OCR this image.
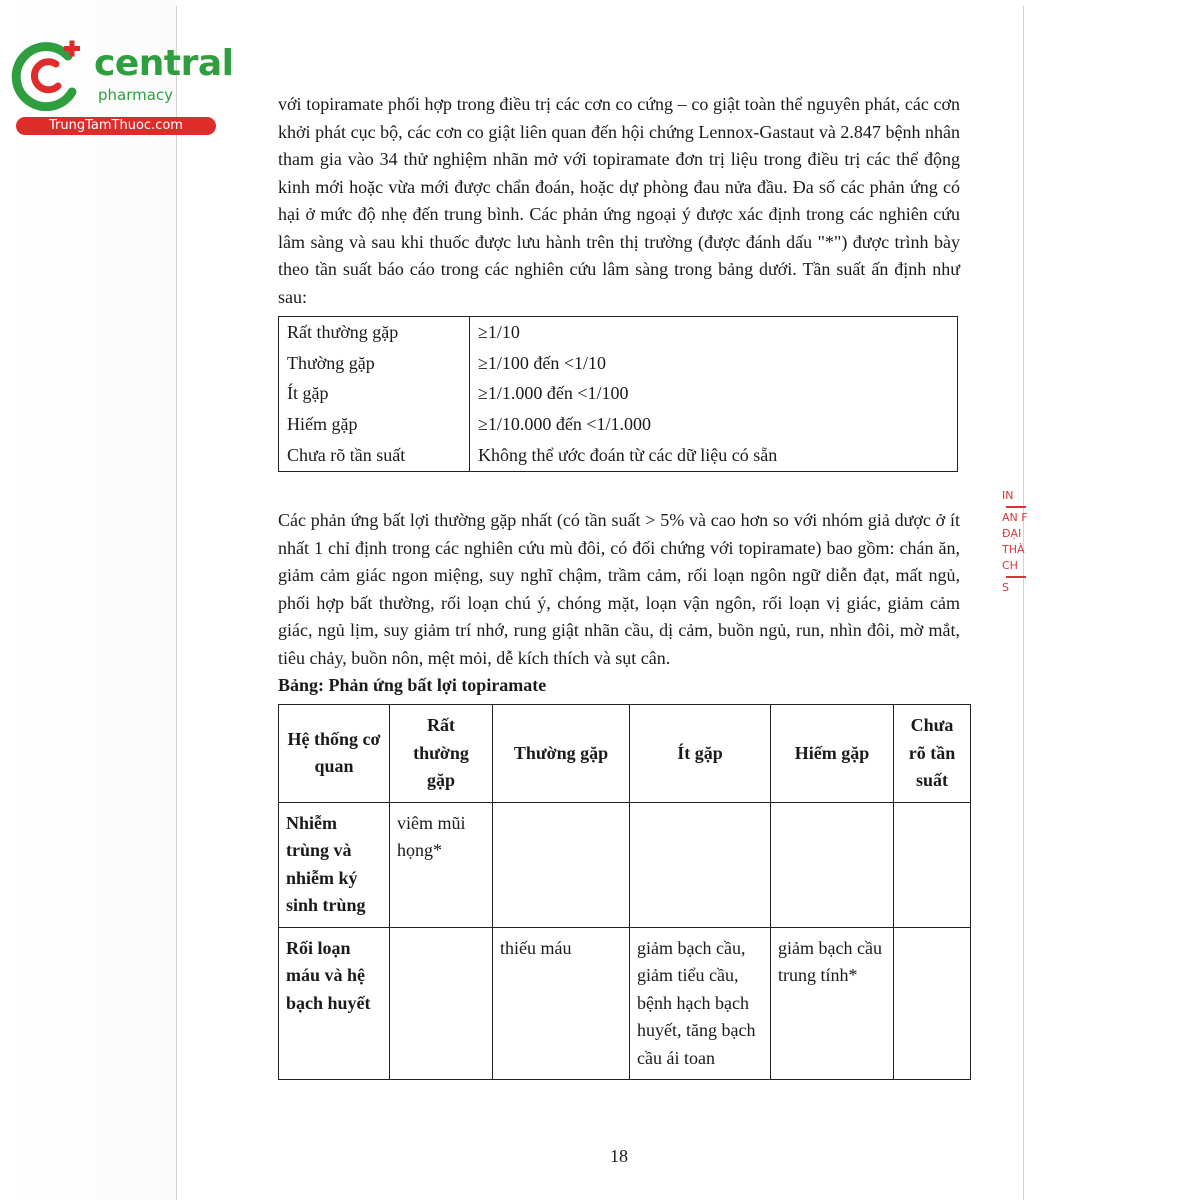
central
pharmacy
TrungTamThuoc.com

với topiramate phối hợp trong điều trị các cơn co cứng – co giật toàn thể nguyên phát, các cơn khởi phát cục bộ, các cơn co giật liên quan đến hội chứng Lennox-Gastaut và 2.847 bệnh nhân tham gia vào 34 thử nghiệm nhãn mở với topiramate đơn trị liệu trong điều trị các thể động kinh mới hoặc vừa mới được chẩn đoán, hoặc dự phòng đau nửa đầu. Đa số các phản ứng có hại ở mức độ nhẹ đến trung bình. Các phản ứng ngoại ý được xác định trong các nghiên cứu lâm sàng và sau khi thuốc được lưu hành trên thị trường (được đánh dấu "*") được trình bày theo tần suất báo cáo trong các nghiên cứu lâm sàng trong bảng dưới. Tần suất ấn định như sau:

Rất thường gặp	≥1/10
Thường gặp	≥1/100 đến <1/10
Ít gặp	≥1/1.000 đến <1/100
Hiếm gặp	≥1/10.000 đến <1/1.000
Chưa rõ tần suất	Không thể ước đoán từ các dữ liệu có sẵn

Các phản ứng bất lợi thường gặp nhất (có tần suất > 5% và cao hơn so với nhóm giả dược ở ít nhất 1 chỉ định trong các nghiên cứu mù đôi, có đối chứng với topiramate) bao gồm: chán ăn, giảm cảm giác ngon miệng, suy nghĩ chậm, trầm cảm, rối loạn ngôn ngữ diễn đạt, mất ngủ, phối hợp bất thường, rối loạn chú ý, chóng mặt, loạn vận ngôn, rối loạn vị giác, giảm cảm giác, ngủ lịm, suy giảm trí nhớ, rung giật nhãn cầu, dị cảm, buồn ngủ, run, nhìn đôi, mờ mắt, tiêu chảy, buồn nôn, mệt mỏi, dễ kích thích và sụt cân.

Bảng: Phản ứng bất lợi topiramate

Hệ thống cơ quan	Rất thường gặp	Thường gặp	Ít gặp	Hiếm gặp	Chưa rõ tần suất
Nhiễm trùng và nhiễm ký sinh trùng	viêm mũi họng*				
Rối loạn máu và hệ bạch huyết		thiếu máu	giảm bạch cầu, giảm tiểu cầu, bệnh hạch bạch huyết, tăng bạch cầu ái toan	giảm bạch cầu trung tính*	
18
IN
AN F
ĐẠI
THÀ
CH
S
